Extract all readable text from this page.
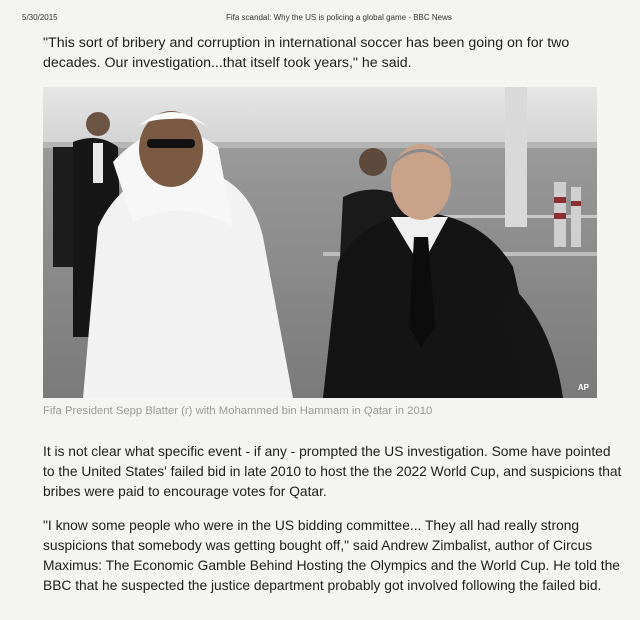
5/30/2015	Fifa scandal: Why the US is policing a global game - BBC News

"This sort of bribery and corruption in international soccer has been going on for two decades. Our investigation...that itself took years," he said.

AP

Fifa President Sepp Blatter (r) with Mohammed bin Hammam in Qatar in 2010

It is not clear what specific event - if any - prompted the US investigation. Some have pointed to the United States' failed bid in late 2010 to host the the 2022 World Cup, and suspicions that bribes were paid to encourage votes for Qatar.

"I know some people who were in the US bidding committee... They all had really strong suspicions that somebody was getting bought off," said Andrew Zimbalist, author of Circus Maximus: The Economic Gamble Behind Hosting the Olympics and the World Cup. He told the BBC that he suspected the justice department probably got involved following the failed bid.
